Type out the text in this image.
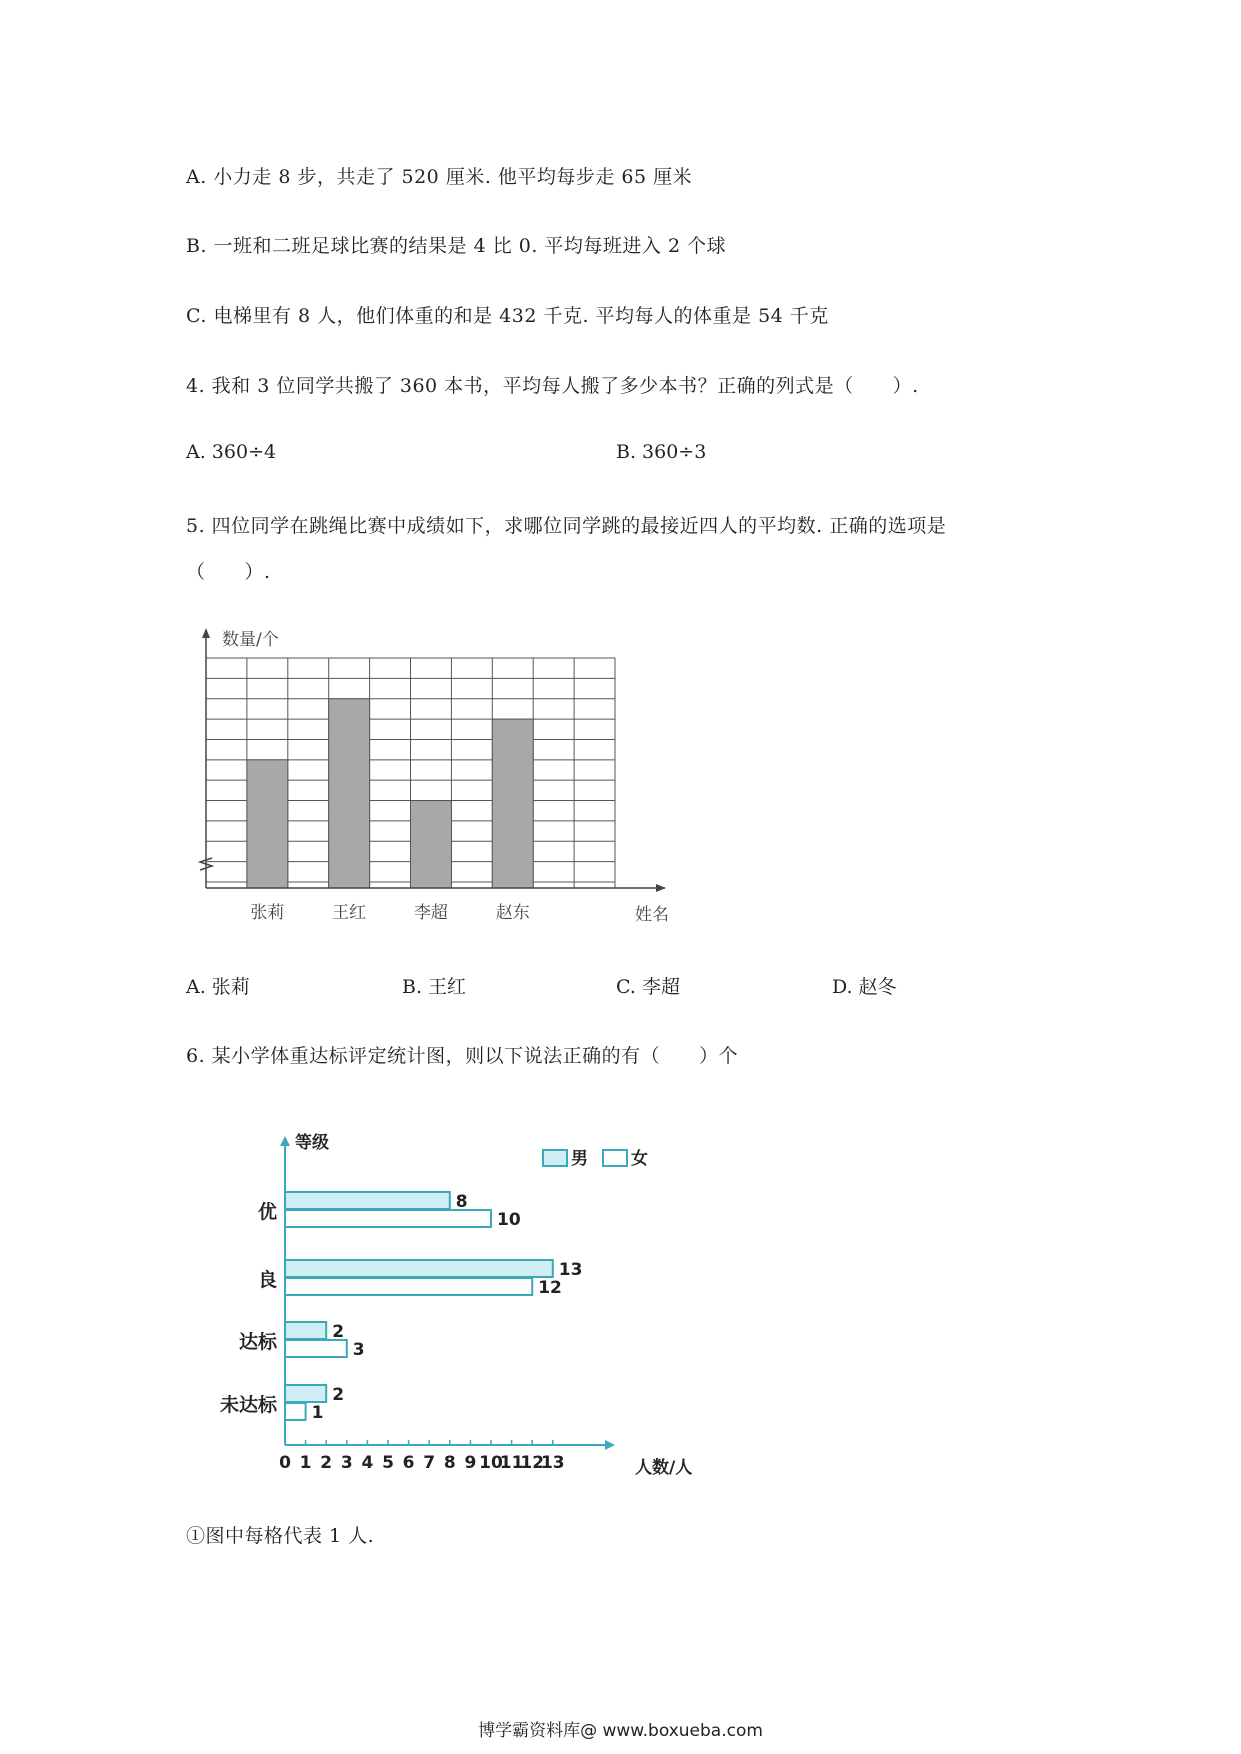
A. 小力走 8 步，共走了 520 厘米. 他平均每步走 65 厘米
B. 一班和二班足球比赛的结果是 4 比 0. 平均每班进入 2 个球
C. 电梯里有 8 人，他们体重的和是 432 千克. 平均每人的体重是 54 千克
4. 我和 3 位同学共搬了 360 本书，平均每人搬了多少本书？正确的列式是（　　）.
A. 360÷4	B. 360÷3
5. 四位同学在跳绳比赛中成绩如下，求哪位同学跳的最接近四人的平均数. 正确的选项是
（　　）.
数量/个
姓名
张莉	王红	李超	赵东
A. 张莉	B. 王红	C. 李超	D. 赵冬
6. 某小学体重达标评定统计图，则以下说法正确的有（　　）个
0 1 2 3 4 5 6 7 8 9 10
11
12
13	人数/人
等级
优	8
10
良	13
12
达标	2
3
未达标	2
1
男	女
①图中每格代表 1 人.
博学霸资料库@ www.boxueba.com
